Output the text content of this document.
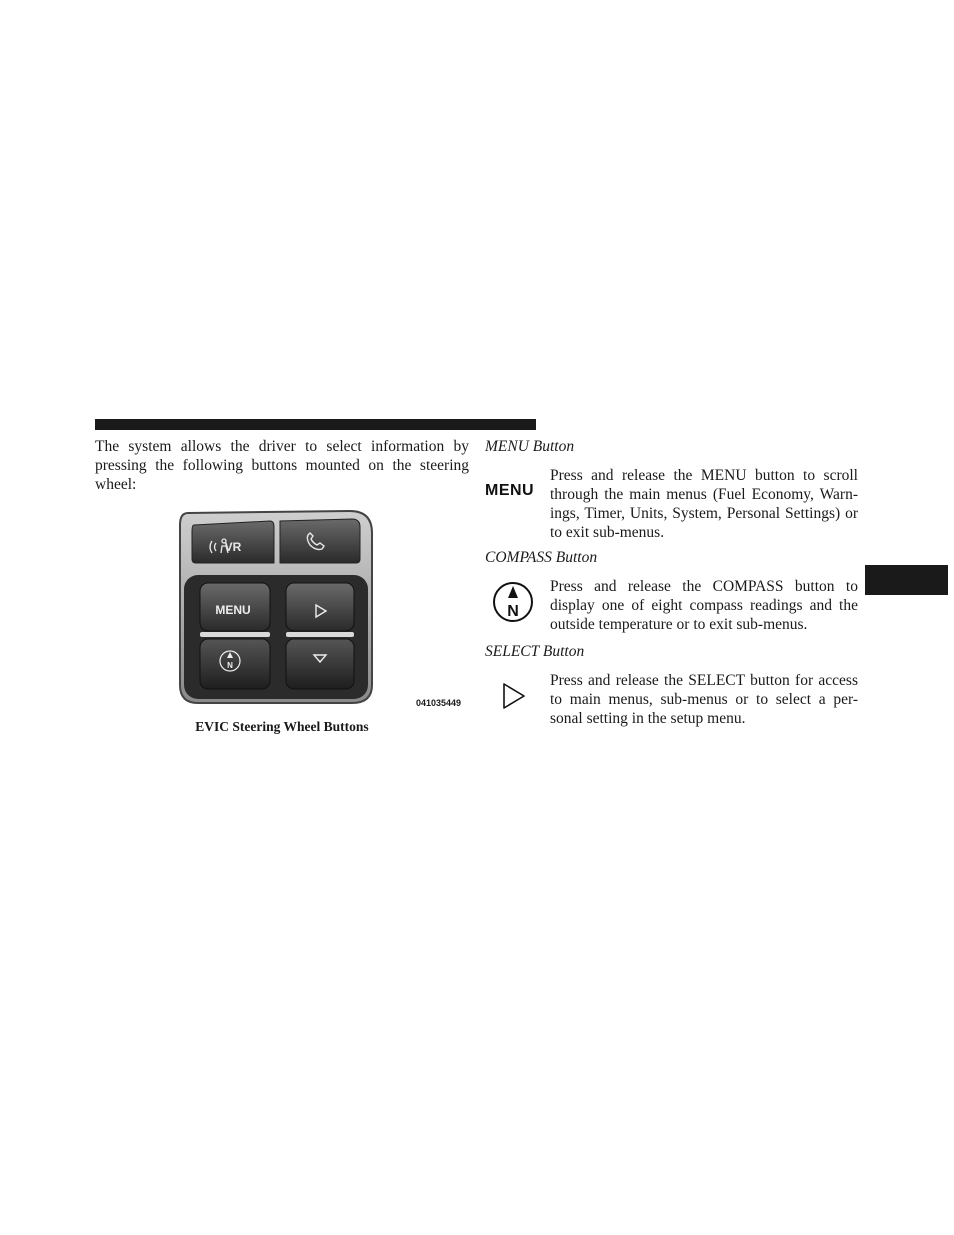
The system allows the driver to select information by pressing the following buttons mounted on the steering wheel:

VR
MENU
N
041035449
EVIC Steering Wheel Buttons

MENU Button

MENU

Press and release the MENU button to scroll through the main menus (Fuel Economy, Warn-ings, Timer, Units, System, Personal Settings) or to exit sub-menus.

COMPASS Button

N

Press and release the COMPASS button to display one of eight compass readings and the outside temperature or to exit sub-menus.

SELECT Button

Press and release the SELECT button for access to main menus, sub-menus or to select a per-sonal setting in the setup menu.
